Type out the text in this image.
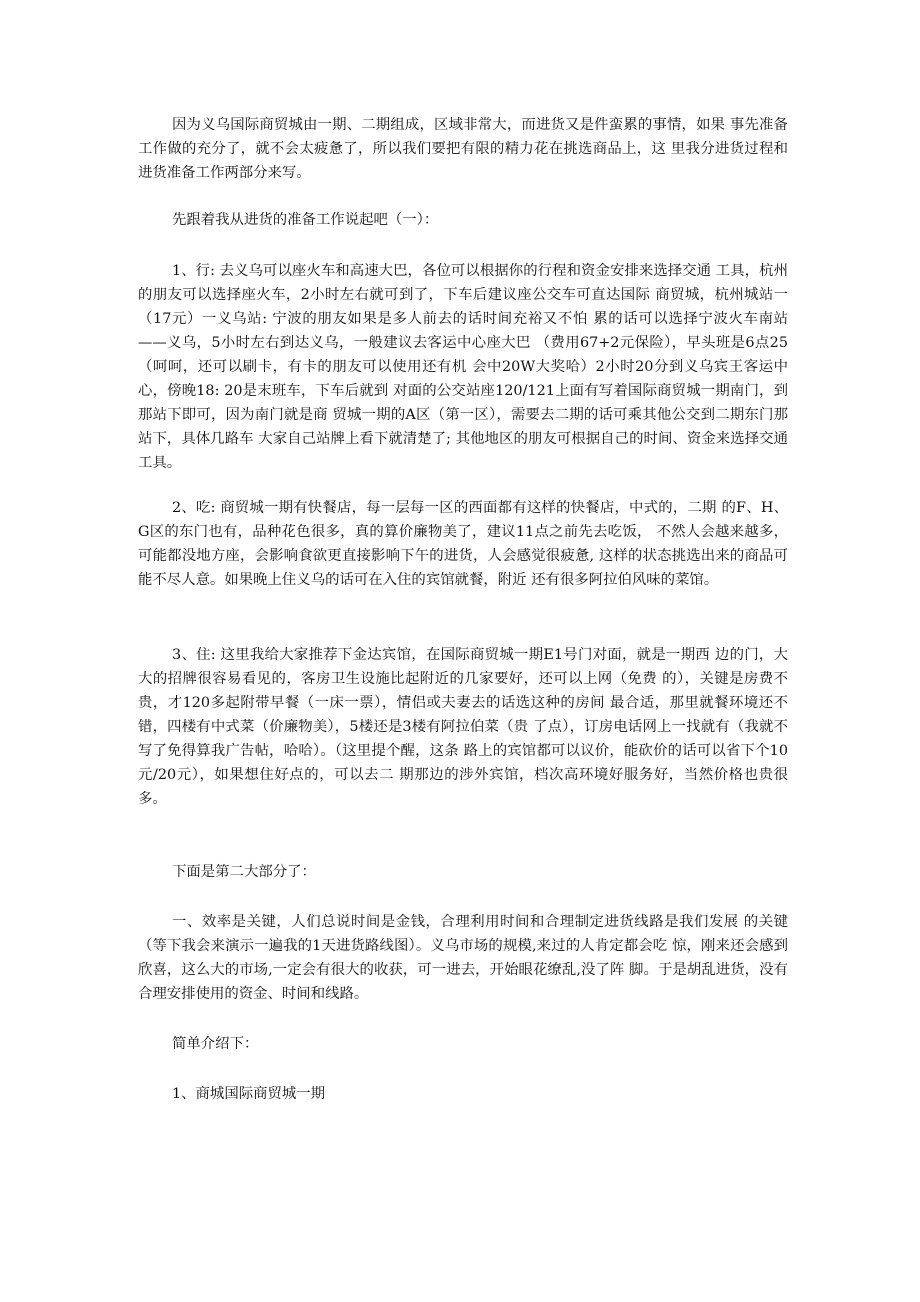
因为义乌国际商贸城由一期、二期组成，区域非常大，而进货又是件蛮累的事情，如果 事先准备工作做的充分了，就不会太疲惫了，所以我们要把有限的精力花在挑选商品上，这 里我分进货过程和进货准备工作两部分来写。

先跟着我从进货的准备工作说起吧（一）：

1、行: 去义乌可以座火车和高速大巴，各位可以根据你的行程和资金安排来选择交通 工具，杭州的朋友可以选择座火车，2小时左右就可到了，下车后建议座公交车可直达国际 商贸城，杭州城站一（17元）一义乌站: 宁波的朋友如果是多人前去的话时间充裕又不怕 累的话可以选择宁波火车南站——义乌，5小时左右到达义乌，一般建议去客运中心座大巴 （费用67+2元保险），早头班是6点25 （呵呵，还可以刷卡，有卡的朋友可以使用还有机 会中20W大奖哈）2小时20分到义乌宾王客运中心，傍晚18: 20是末班车，下车后就到 对面的公交站座120/121上面有写着国际商贸城一期南门，到那站下即可，因为南门就是商 贸城一期的A区（第一区），需要去二期的话可乘其他公交到二期东门那站下，具体几路车 大家自己站牌上看下就清楚了; 其他地区的朋友可根据自己的时间、资金来选择交通工具。

2、吃: 商贸城一期有快餐店，每一层每一区的西面都有这样的快餐店，中式的，二期 的F、H、G区的东门也有，品种花色很多，真的算价廉物美了，建议11点之前先去吃饭， 不然人会越来越多，可能都没地方座，会影响食欲更直接影响下午的进货，人会感觉很疲惫, 这样的状态挑选出来的商品可能不尽人意。如果晚上住义乌的话可在入住的宾馆就餐，附近 还有很多阿拉伯风味的菜馆。

3、住: 这里我给大家推荐下金达宾馆，在国际商贸城一期E1号门对面，就是一期西 边的门，大大的招牌很容易看见的，客房卫生设施比起附近的几家要好，还可以上网（免费 的），关键是房费不贵，才120多起附带早餐（一床一票），情侣或夫妻去的话选这种的房间 最合适，那里就餐环境还不错，四楼有中式菜（价廉物美），5楼还是3楼有阿拉伯菜（贵 了点），订房电话网上一找就有（我就不写了免得算我广告帖，哈哈）。（这里提个醒，这条 路上的宾馆都可以议价，能砍价的话可以省下个10元/20元），如果想住好点的，可以去二 期那边的涉外宾馆，档次高环境好服务好，当然价格也贵很多。

下面是第二大部分了：

一、效率是关键，人们总说时间是金钱，合理利用时间和合理制定进货线路是我们发展 的关键（等下我会来演示一遍我的1天进货路线图）。义乌市场的规模,来过的人肯定都会吃 惊，刚来还会感到欣喜，这么大的市场,一定会有很大的收获，可一进去，开始眼花缭乱,没了阵 脚。于是胡乱进货，没有合理安排使用的资金、时间和线路。

简单介绍下：

1、商城国际商贸城一期
